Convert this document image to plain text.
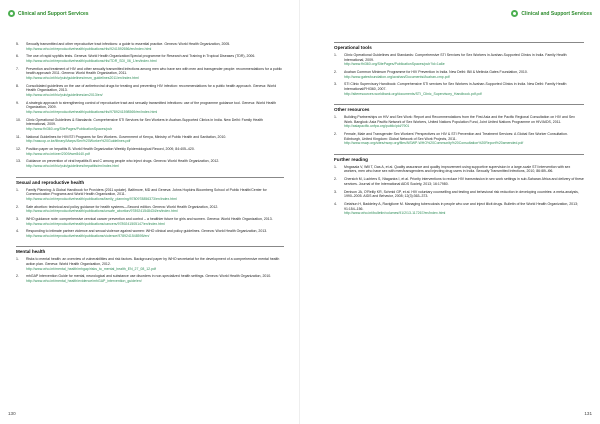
Clinical and Support Services
5.	Sexually transmitted and other reproductive tract infections: a guide to essential practice. Geneva: World Health Organization, 2005.
http://www.who.int/reproductivehealth/publications/rtis/9241592656/en/index.html
6.	The use of rapid syphilis tests. Geneva: World Health Organization/Special programme for Research and Training in Tropical Diseases (TDR), 2006.
http://www.who.int/reproductivehealth/publications/rtis/TDR_SDI_06_1/en/index.html
7.	Prevention and treatment of HIV and other sexually transmitted infections among men who have sex with men and transgender people: recommendations for a public health approach 2011. Geneva: World Health Organization, 2011.
http://www.who.int/hiv/pub/guidelines/msm_guidelines2011/en/index.html
8.	Consolidated guidelines on the use of antiretroviral drugs for treating and preventing HIV infection: recommendations for a public health approach. Geneva: World Health Organization, 2013.
http://www.who.int/hiv/pub/guidelines/arv2013/en/
9.	A strategic approach to strengthening control of reproductive tract and sexually transmitted infections: use of the programme guidance tool. Geneva: World Health Organization, 2009.
http://www.who.int/reproductivehealth/publications/rtis/9789241598569/en/index.html
10.	Clinic Operational Guidelines & Standards: Comprehensive STI Services for Sex Workers in Avahan-Supported Clinics in India. New Delhi: Family Health International, 2009.
http://www.fhi360.org/SitePages/PublicationSpaces/pub
11.	National Guidelines for HIV/STI Programs for Sex Workers. Government of Kenya, Ministry of Public Health and Sanitation, 2010.
http://nascop.or.ke/library/Marps/Sex%20Worker%20Guidelines.pdf
12.	Position paper on hepatitis B. World Health Organization Weekly Epidemiological Record, 2009, 84:405–420.
http://www.who.int/wer/2009/wer8440.pdf
13.	Guidance on prevention of viral hepatitis B and C among people who inject drugs. Geneva: World Health Organization, 2012.
http://www.who.int/hiv/pub/guidelines/hepatitis/en/index.html
Sexual and reproductive health
1.	Family Planning: A Global Handbook for Providers (2011 update). Baltimore, MD and Geneva: Johns Hopkins Bloomberg School of Public Health/Center for Communication Programs and World Health Organization, 2011.
http://www.who.int/reproductivehealth/publications/family_planning/9780978856373/en/index.html
2.	Safe abortion: technical and policy guidance for health systems—Second edition. Geneva: World Health Organization, 2012.
http://www.who.int/reproductivehealth/publications/unsafe_abortion/9789241548434/en/index.html
3.	WHO guidance note: comprehensive cervical cancer prevention and control – a healthier future for girls and women. Geneva: World Health Organization, 2013.
http://www.who.int/reproductivehealth/publications/cancers/9789241505147/en/index.html
4.	Responding to intimate partner violence and sexual violence against women: WHO clinical and policy guidelines. Geneva: World Health Organization, 2013.
http://www.who.int/reproductivehealth/publications/violence/9789241548595/en/
Mental health
1.	Risks to mental health: an overview of vulnerabilities and risk factors. Background paper by WHO secretariat for the development of a comprehensive mental health action plan. Geneva: World Health Organization, 2012.
http://www.who.int/mental_health/mhgap/risks_to_mental_health_EN_27_08_12.pdf
2.	mhGAP Intervention Guide for mental, neurological and substance use disorders in non-specialized health settings. Geneva: World Health Organization, 2010.
http://www.who.int/mental_health/evidence/mhGAP_intervention_guide/en/
130
Clinical and Support Services
Operational tools
1.	Clinic Operational Guidelines and Standards: Comprehensive STI Services for Sex Workers in Avahan-Supported Clinics in India. Family Health International, 2009.
http://www.fhi360.org/SitePages/PublicationSpaces/pub?id=1a6e
2.	Avahan Common Minimum Programme for HIV Prevention in India. New Delhi: Bill & Melinda Gates Foundation, 2010.
http://www.gatesfoundation.org/avahan/Documents/Avahan-cmp.pdf
3.	STI Clinic Supervisory Handbook: Comprehensive STI services for Sex Workers in Avahan-Supported Clinics in India. New Delhi: Family Health International/FHI360, 2007.
http://siteresources.worldbank.org/documents/STI_Clinic_Supervisory_Handbook.pdf.pdf
Other resources
1.	Building Partnerships on HIV and Sex Work: Report and Recommendations from the First Asia and the Pacific Regional Consultation on HIV and Sex Work. Bangkok: Asia Pacific Network of Sex Workers, United Nations Population Fund, Joint United Nations Programme on HIV/AIDS, 2011.
http://asiapacific.unfpa.org/public/pid/7901
2.	Female, Male and Transgender Sex Workers' Perspectives on HIV & STI Prevention and Treatment Services: A Global Sex Worker Consultation. Edinburgh, United Kingdom: Global Network of Sex Work Projects, 2011.
http://www.nswp.org/sites/nswp.org/files/NSWP-WHO%20Community%20Consultation%20Report%20amended.pdf
Further reading
1.	Mngasala V, Will T, Das A, et al. Quality assurance and quality improvement using supportive supervision in a large-scale STI intervention with sex workers, men who have sex with men/transgenders and injecting drug users in India. Sexually Transmitted Infections, 2010, 86:i89–i96.
2.	Chersich M, Luchters S, Ntaganira I, et al. Priority interventions to reduce HIV transmission in sex work settings in sub-Saharan Africa and delivery of these services. Journal of the International AIDS Society, 2013; 16:17980.
3.	Denison JA, O'Reilly KR, Schmid GP, et al. HIV voluntary counselling and testing and behavioral risk reduction in developing countries: a meta-analysis, 1990–2005. AIDS and Behavior, 2008; 12(3):363–373.
4.	Getahun H, Baddeley A, Raviglione M. Managing tuberculosis in people who use and inject illicit drugs. Bulletin of the World Health Organization, 2013; 91:154–156.
http://www.who.int/bulletin/volumes/91/2/13-117267/en/index.html
131
